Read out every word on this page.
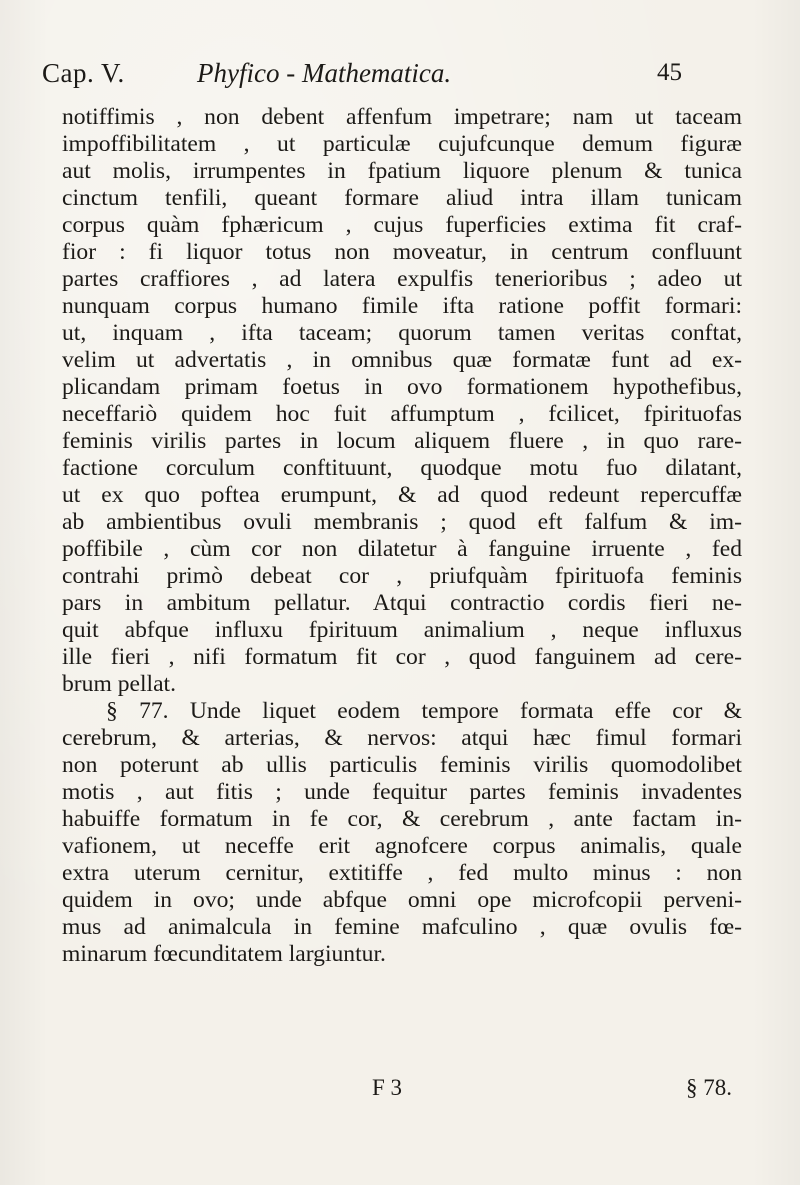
Cap. V.	Phyfico - Mathematica.	45
notiffimis , non debent affenfum impetrare; nam ut taceam
impoffibilitatem , ut particulæ cujufcunque demum figuræ
aut molis, irrumpentes in fpatium liquore plenum & tunica
cinctum tenfili, queant formare aliud intra illam tunicam
corpus quàm fphæricum , cujus fuperficies extima fit craf-
fior : fi liquor totus non moveatur, in centrum confluunt
partes craffiores , ad latera expulfis tenerioribus ; adeo ut
nunquam corpus humano fimile ifta ratione poffit formari:
ut, inquam , ifta taceam; quorum tamen veritas conftat,
velim ut advertatis , in omnibus quæ formatæ funt ad ex-
plicandam primam foetus in ovo formationem hypothefibus,
neceffariò quidem hoc fuit affumptum , fcilicet, fpirituofas
feminis virilis partes in locum aliquem fluere , in quo rare-
factione corculum conftituunt, quodque motu fuo dilatant,
ut ex quo poftea erumpunt, & ad quod redeunt repercuffæ
ab ambientibus ovuli membranis ; quod eft falfum & im-
poffibile , cùm cor non dilatetur à fanguine irruente , fed
contrahi primò debeat cor , priufquàm fpirituofa feminis
pars in ambitum pellatur. Atqui contractio cordis fieri ne-
quit abfque influxu fpirituum animalium , neque influxus
ille fieri , nifi formatum fit cor , quod fanguinem ad cere-
brum pellat.
§ 77. Unde liquet eodem tempore formata effe cor &
cerebrum, & arterias, & nervos: atqui hæc fimul formari
non poterunt ab ullis particulis feminis virilis quomodolibet
motis , aut fitis ; unde fequitur partes feminis invadentes
habuiffe formatum in fe cor, & cerebrum , ante factam in-
vafionem, ut neceffe erit agnofcere corpus animalis, quale
extra uterum cernitur, extitiffe , fed multo minus : non
quidem in ovo; unde abfque omni ope microfcopii perveni-
mus ad animalcula in femine mafculino , quæ ovulis fœ-
minarum fœcunditatem largiuntur.
F 3	§ 78.
